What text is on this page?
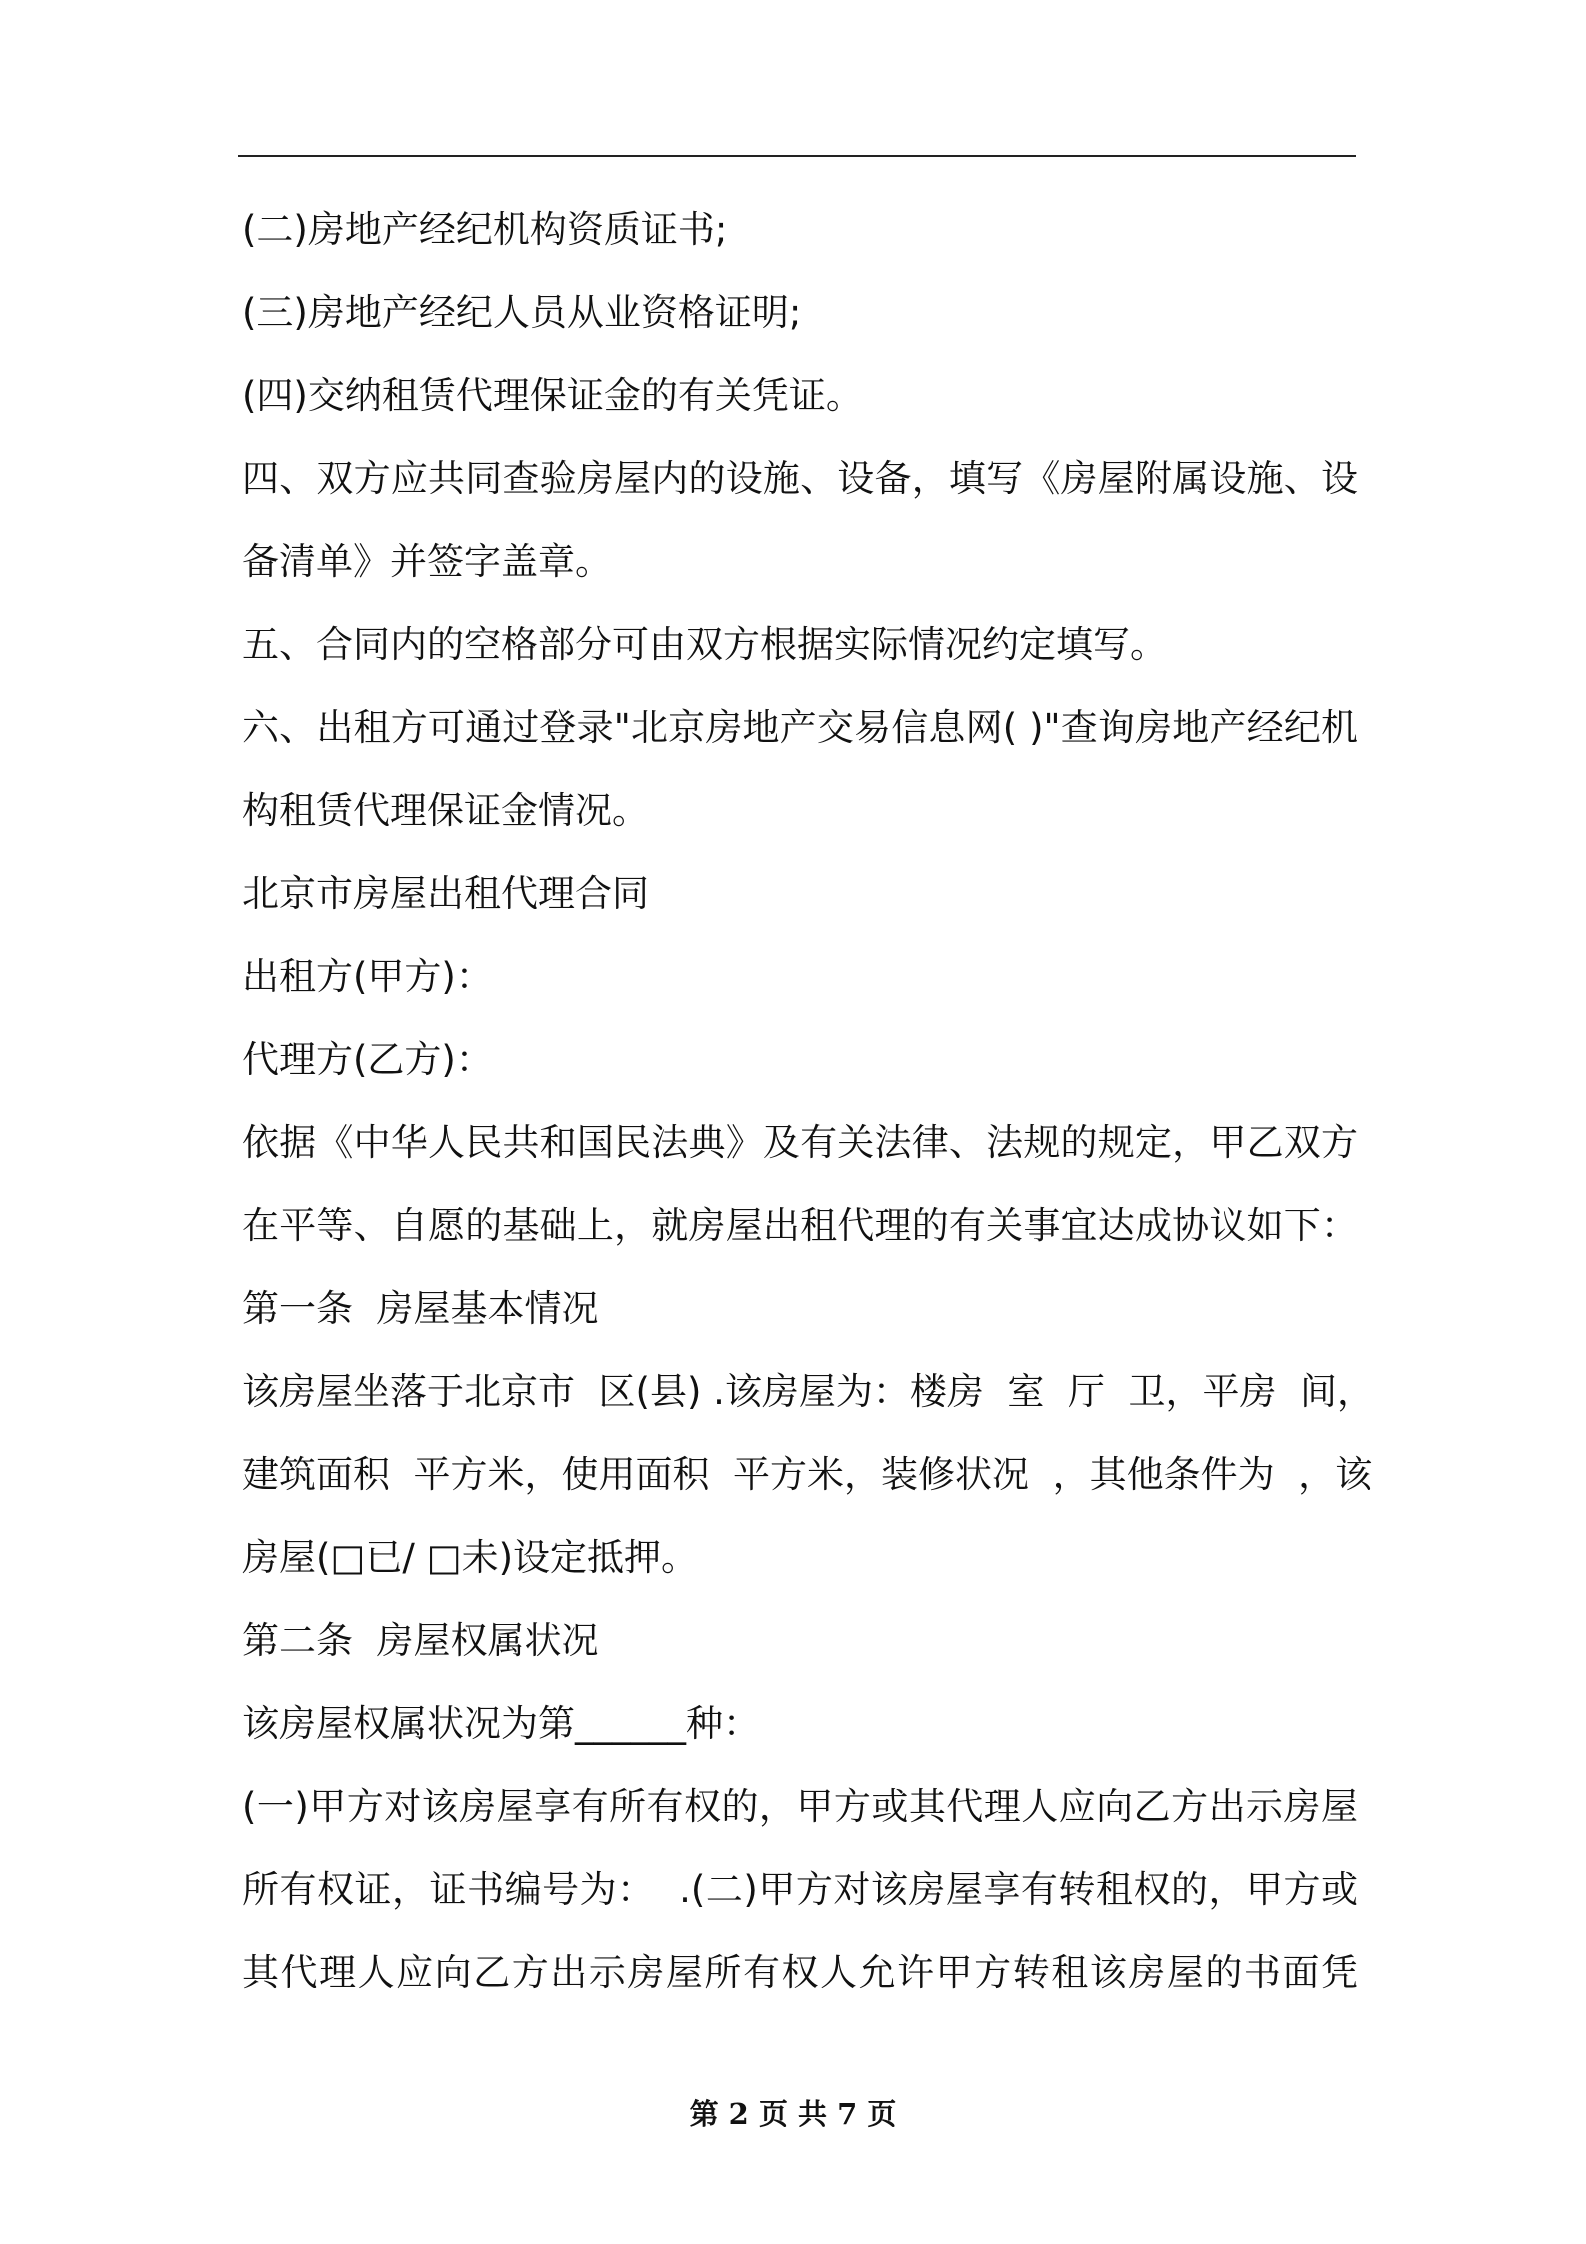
(二)房地产经纪机构资质证书;
(三)房地产经纪人员从业资格证明;
(四)交纳租赁代理保证金的有关凭证。
四、双方应共同查验房屋内的设施、设备，填写《房屋附属设施、设
备清单》并签字盖章。
五、合同内的空格部分可由双方根据实际情况约定填写。
六、出租方可通过登录"北京房地产交易信息网( )"查询房地产经纪机
构租赁代理保证金情况。
北京市房屋出租代理合同
出租方(甲方)：
代理方(乙方)：
依据《中华人民共和国民法典》及有关法律、法规的规定，甲乙双方
在平等、自愿的基础上，就房屋出租代理的有关事宜达成协议如下：
第一条  房屋基本情况
该房屋坐落于北京市  区(县) .该房屋为：楼房  室  厅  卫，平房  间，
建筑面积  平方米，使用面积  平方米，装修状况  ，其他条件为  ，该
房屋(□已/ □未)设定抵押。
第二条  房屋权属状况
该房屋权属状况为第______种：
(一)甲方对该房屋享有所有权的，甲方或其代理人应向乙方出示房屋
所有权证，证书编号为：  .(二)甲方对该房屋享有转租权的，甲方或
其代理人应向乙方出示房屋所有权人允许甲方转租该房屋的书面凭
第 2 页 共 7 页
